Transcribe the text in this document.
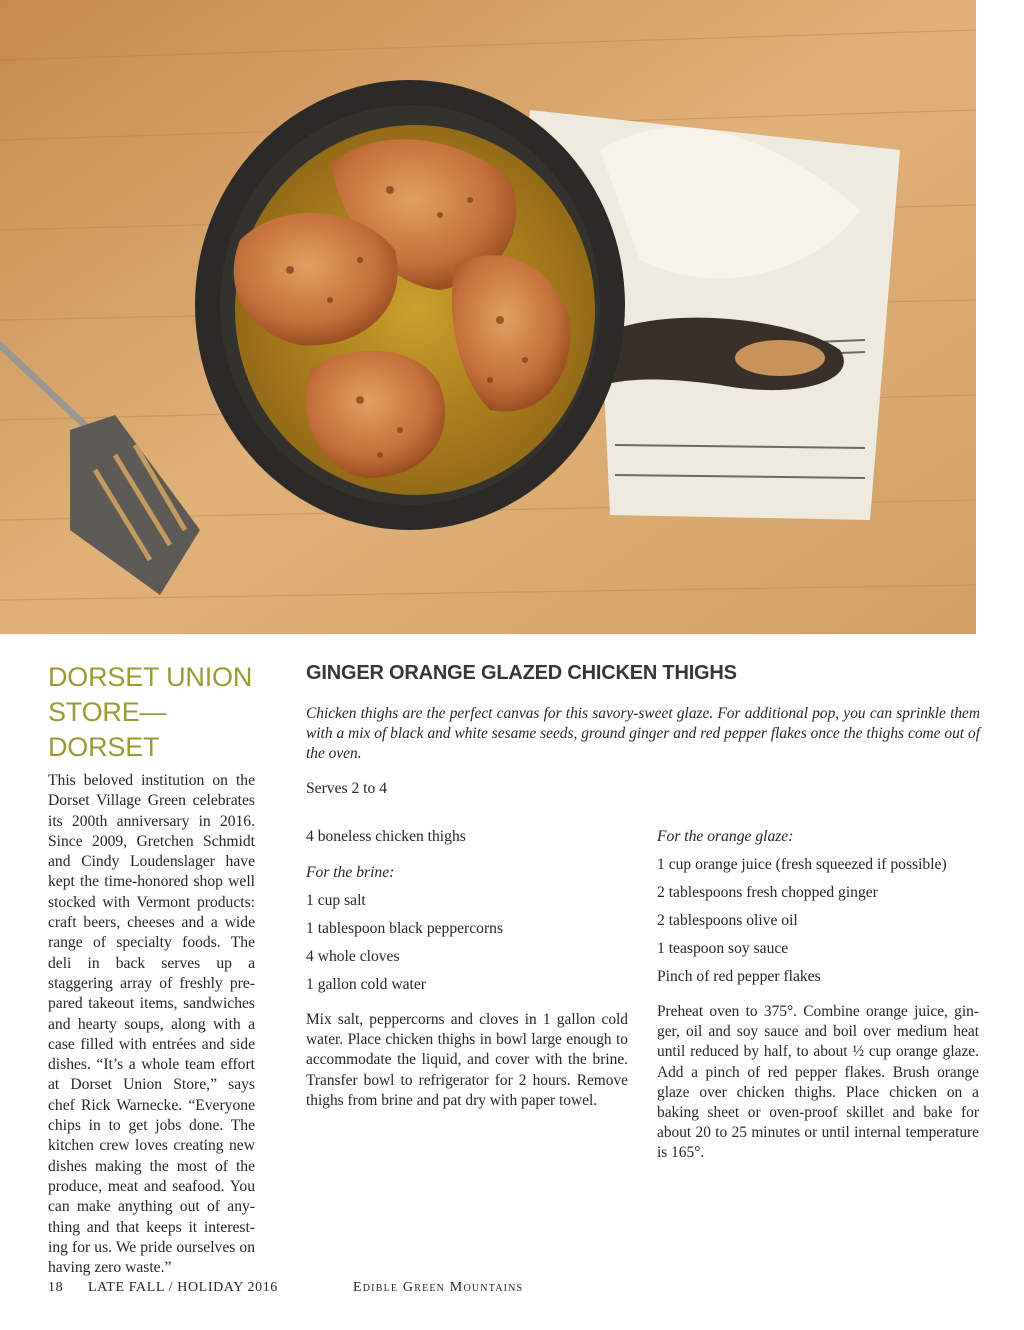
DORSET UNION STORE—DORSET

This beloved institution on the Dorset Village Green celebrates its 200th anniversary in 2016. Since 2009, Gretchen Schmidt and Cindy Loudenslager have kept the time-honored shop well stocked with Vermont products: craft beers, cheeses and a wide range of specialty foods. The deli in back serves up a staggering array of freshly prepared takeout items, sandwiches and hearty soups, along with a case filled with entrées and side dishes. “It’s a whole team effort at Dorset Union Store,” says chef Rick Warnecke. “Everyone chips in to get jobs done. The kitchen crew loves creating new dishes making the most of the produce, meat and seafood. You can make anything out of anything and that keeps it interesting for us. We pride ourselves on having zero waste.”

GINGER ORANGE GLAZED CHICKEN THIGHS

Chicken thighs are the perfect canvas for this savory-sweet glaze. For additional pop, you can sprinkle them with a mix of black and white sesame seeds, ground ginger and red pepper flakes once the thighs come out of the oven.

Serves 2 to 4

4 boneless chicken thighs

For the brine:

1 cup salt

1 tablespoon black peppercorns

4 whole cloves

1 gallon cold water

Mix salt, peppercorns and cloves in 1 gallon cold water. Place chicken thighs in bowl large enough to accommodate the liquid, and cover with the brine. Transfer bowl to refrigerator for 2 hours. Remove thighs from brine and pat dry with paper towel.

For the orange glaze:

1 cup orange juice (fresh squeezed if possible)

2 tablespoons fresh chopped ginger

2 tablespoons olive oil

1 teaspoon soy sauce

Pinch of red pepper flakes

Preheat oven to 375°. Combine orange juice, ginger, oil and soy sauce and boil over medium heat until reduced by half, to about ½ cup orange glaze. Add a pinch of red pepper flakes. Brush orange glaze over chicken thighs. Place chicken on a baking sheet or oven-proof skillet and bake for about 20 to 25 minutes or until internal temperature is 165°.

18 LATE FALL / HOLIDAY 2016	Edible Green Mountains
